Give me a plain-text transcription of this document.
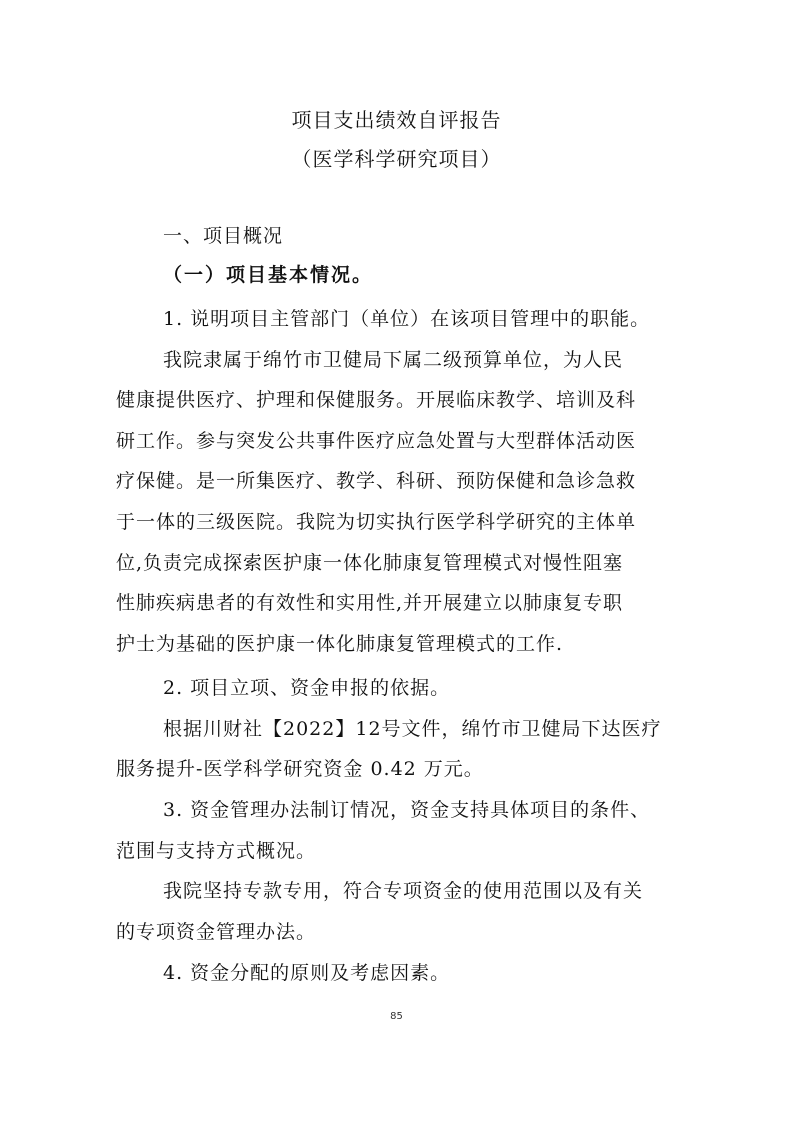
项目支出绩效自评报告
（医学科学研究项目）
一、项目概况
（一）项目基本情况。
1. 说明项目主管部门（单位）在该项目管理中的职能。
我院隶属于绵竹市卫健局下属二级预算单位，为人民
健康提供医疗、护理和保健服务。开展临床教学、培训及科
研工作。参与突发公共事件医疗应急处置与大型群体活动医
疗保健。是一所集医疗、教学、科研、预防保健和急诊急救
于一体的三级医院。我院为切实执行医学科学研究的主体单
位,负责完成探索医护康一体化肺康复管理模式对慢性阻塞
性肺疾病患者的有效性和实用性,并开展建立以肺康复专职
护士为基础的医护康一体化肺康复管理模式的工作.
2. 项目立项、资金申报的依据。
根据川财社【2022】12号文件，绵竹市卫健局下达医疗
服务提升-医学科学研究资金 0.42 万元。
3. 资金管理办法制订情况，资金支持具体项目的条件、
范围与支持方式概况。
我院坚持专款专用，符合专项资金的使用范围以及有关
的专项资金管理办法。
4. 资金分配的原则及考虑因素。
85
